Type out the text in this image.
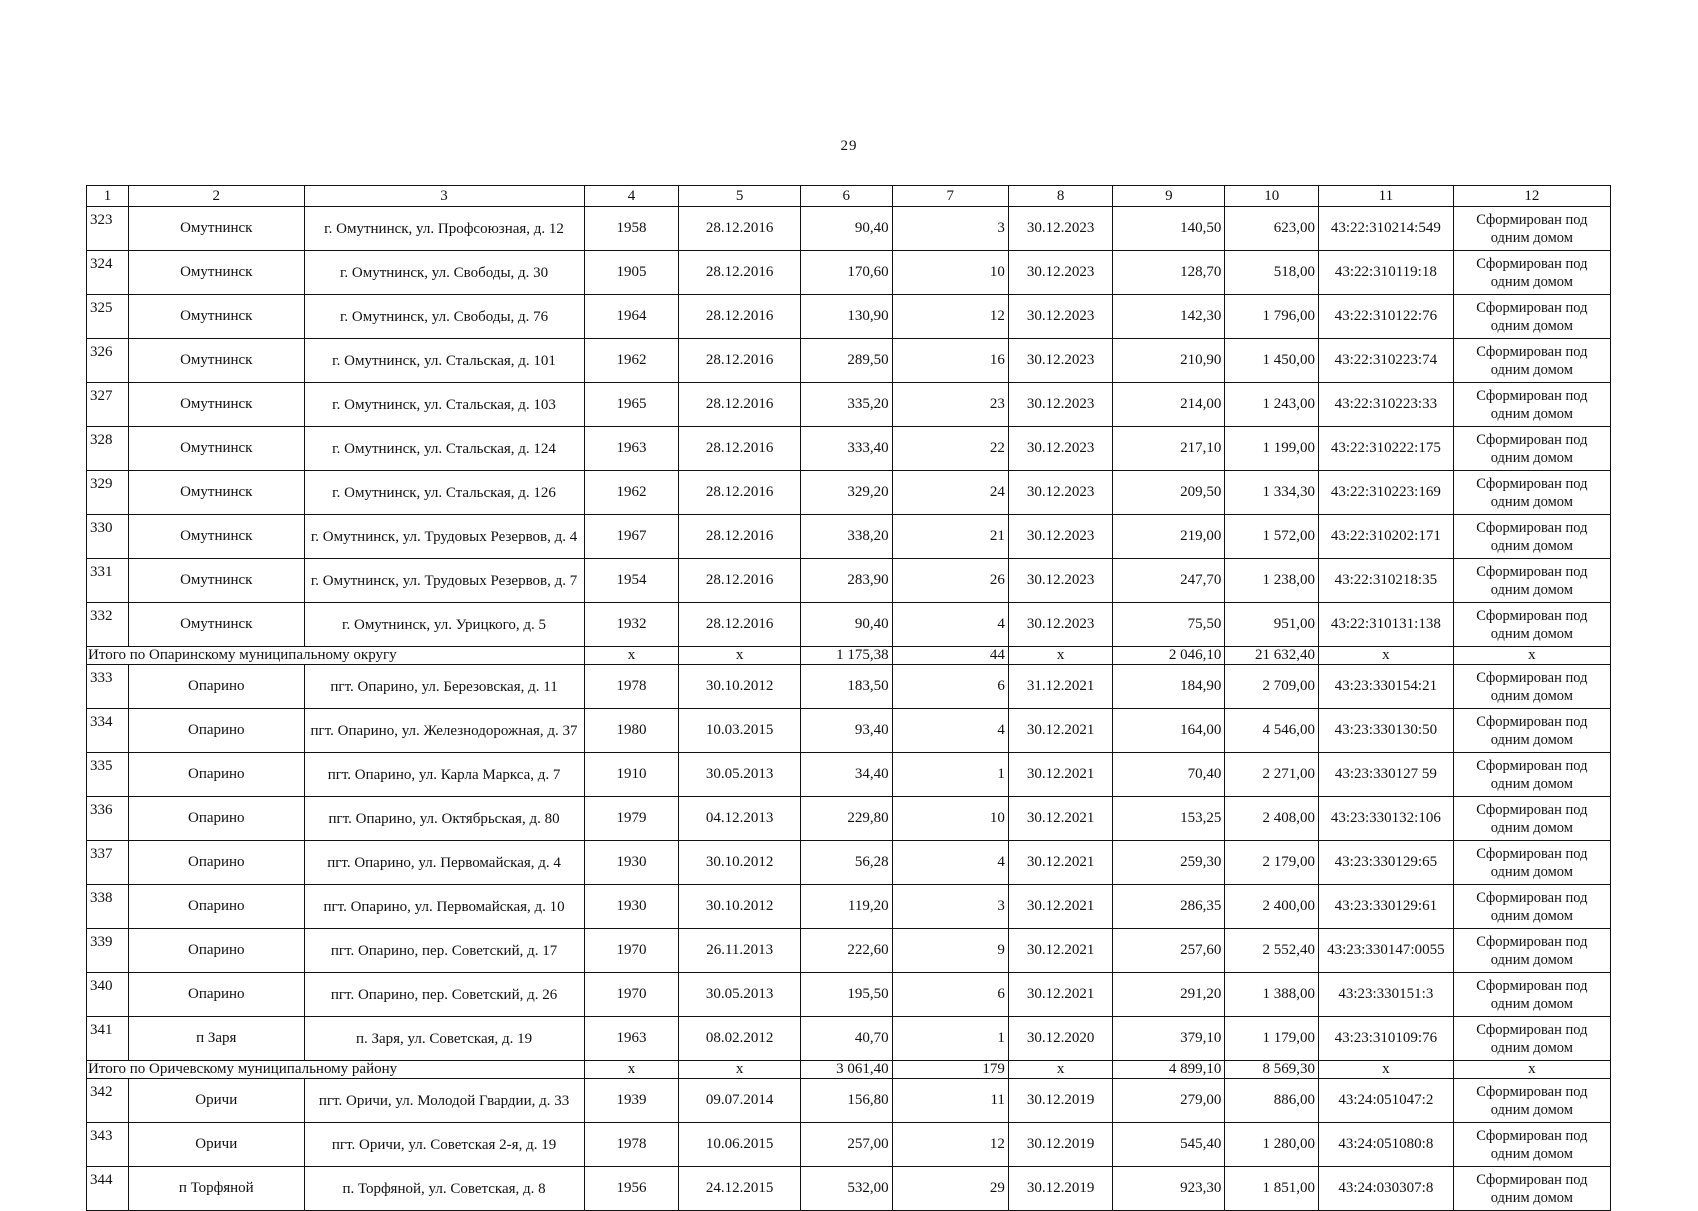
29
1	2	3	4	5	6	7	8	9	10	11	12
323	Омутнинск	г. Омутнинск, ул. Профсоюзная, д. 12	1958	28.12.2016	90,40	3	30.12.2023	140,50	623,00	43:22:310214:549	Сформирован под одним домом
324	Омутнинск	г. Омутнинск, ул. Свободы, д. 30	1905	28.12.2016	170,60	10	30.12.2023	128,70	518,00	43:22:310119:18	Сформирован под одним домом
325	Омутнинск	г. Омутнинск, ул. Свободы, д. 76	1964	28.12.2016	130,90	12	30.12.2023	142,30	1 796,00	43:22:310122:76	Сформирован под одним домом
326	Омутнинск	г. Омутнинск, ул. Стальская, д. 101	1962	28.12.2016	289,50	16	30.12.2023	210,90	1 450,00	43:22:310223:74	Сформирован под одним домом
327	Омутнинск	г. Омутнинск, ул. Стальская, д. 103	1965	28.12.2016	335,20	23	30.12.2023	214,00	1 243,00	43:22:310223:33	Сформирован под одним домом
328	Омутнинск	г. Омутнинск, ул. Стальская, д. 124	1963	28.12.2016	333,40	22	30.12.2023	217,10	1 199,00	43:22:310222:175	Сформирован под одним домом
329	Омутнинск	г. Омутнинск, ул. Стальская, д. 126	1962	28.12.2016	329,20	24	30.12.2023	209,50	1 334,30	43:22:310223:169	Сформирован под одним домом
330	Омутнинск	г. Омутнинск, ул. Трудовых Резервов, д. 4	1967	28.12.2016	338,20	21	30.12.2023	219,00	1 572,00	43:22:310202:171	Сформирован под одним домом
331	Омутнинск	г. Омутнинск, ул. Трудовых Резервов, д. 7	1954	28.12.2016	283,90	26	30.12.2023	247,70	1 238,00	43:22:310218:35	Сформирован под одним домом
332	Омутнинск	г. Омутнинск, ул. Урицкого, д. 5	1932	28.12.2016	90,40	4	30.12.2023	75,50	951,00	43:22:310131:138	Сформирован под одним домом
Итого по Опаринскому муниципальному округу			x	x	1 175,38	44	x	2 046,10	21 632,40	x	x
333	Опарино	пгт. Опарино, ул. Березовская, д. 11	1978	30.10.2012	183,50	6	31.12.2021	184,90	2 709,00	43:23:330154:21	Сформирован под одним домом
334	Опарино	пгт. Опарино, ул. Железнодорожная, д. 37	1980	10.03.2015	93,40	4	30.12.2021	164,00	4 546,00	43:23:330130:50	Сформирован под одним домом
335	Опарино	пгт. Опарино, ул. Карла Маркса, д. 7	1910	30.05.2013	34,40	1	30.12.2021	70,40	2 271,00	43:23:330127 59	Сформирован под одним домом
336	Опарино	пгт. Опарино, ул. Октябрьская, д. 80	1979	04.12.2013	229,80	10	30.12.2021	153,25	2 408,00	43:23:330132:106	Сформирован под одним домом
337	Опарино	пгт. Опарино, ул. Первомайская, д. 4	1930	30.10.2012	56,28	4	30.12.2021	259,30	2 179,00	43:23:330129:65	Сформирован под одним домом
338	Опарино	пгт. Опарино, ул. Первомайская, д. 10	1930	30.10.2012	119,20	3	30.12.2021	286,35	2 400,00	43:23:330129:61	Сформирован под одним домом
339	Опарино	пгт. Опарино, пер. Советский, д. 17	1970	26.11.2013	222,60	9	30.12.2021	257,60	2 552,40	43:23:330147:0055	Сформирован под одним домом
340	Опарино	пгт. Опарино, пер. Советский, д. 26	1970	30.05.2013	195,50	6	30.12.2021	291,20	1 388,00	43:23:330151:3	Сформирован под одним домом
341	п Заря	п. Заря, ул. Советская, д. 19	1963	08.02.2012	40,70	1	30.12.2020	379,10	1 179,00	43:23:310109:76	Сформирован под одним домом
Итого по Оричевскому муниципальному району			x	x	3 061,40	179	x	4 899,10	8 569,30	x	x
342	Оричи	пгт. Оричи, ул. Молодой Гвардии, д. 33	1939	09.07.2014	156,80	11	30.12.2019	279,00	886,00	43:24:051047:2	Сформирован под одним домом
343	Оричи	пгт. Оричи, ул. Советская 2-я, д. 19	1978	10.06.2015	257,00	12	30.12.2019	545,40	1 280,00	43:24:051080:8	Сформирован под одним домом
344	п Торфяной	п. Торфяной, ул. Советская, д. 8	1956	24.12.2015	532,00	29	30.12.2019	923,30	1 851,00	43:24:030307:8	Сформирован под одним домом
